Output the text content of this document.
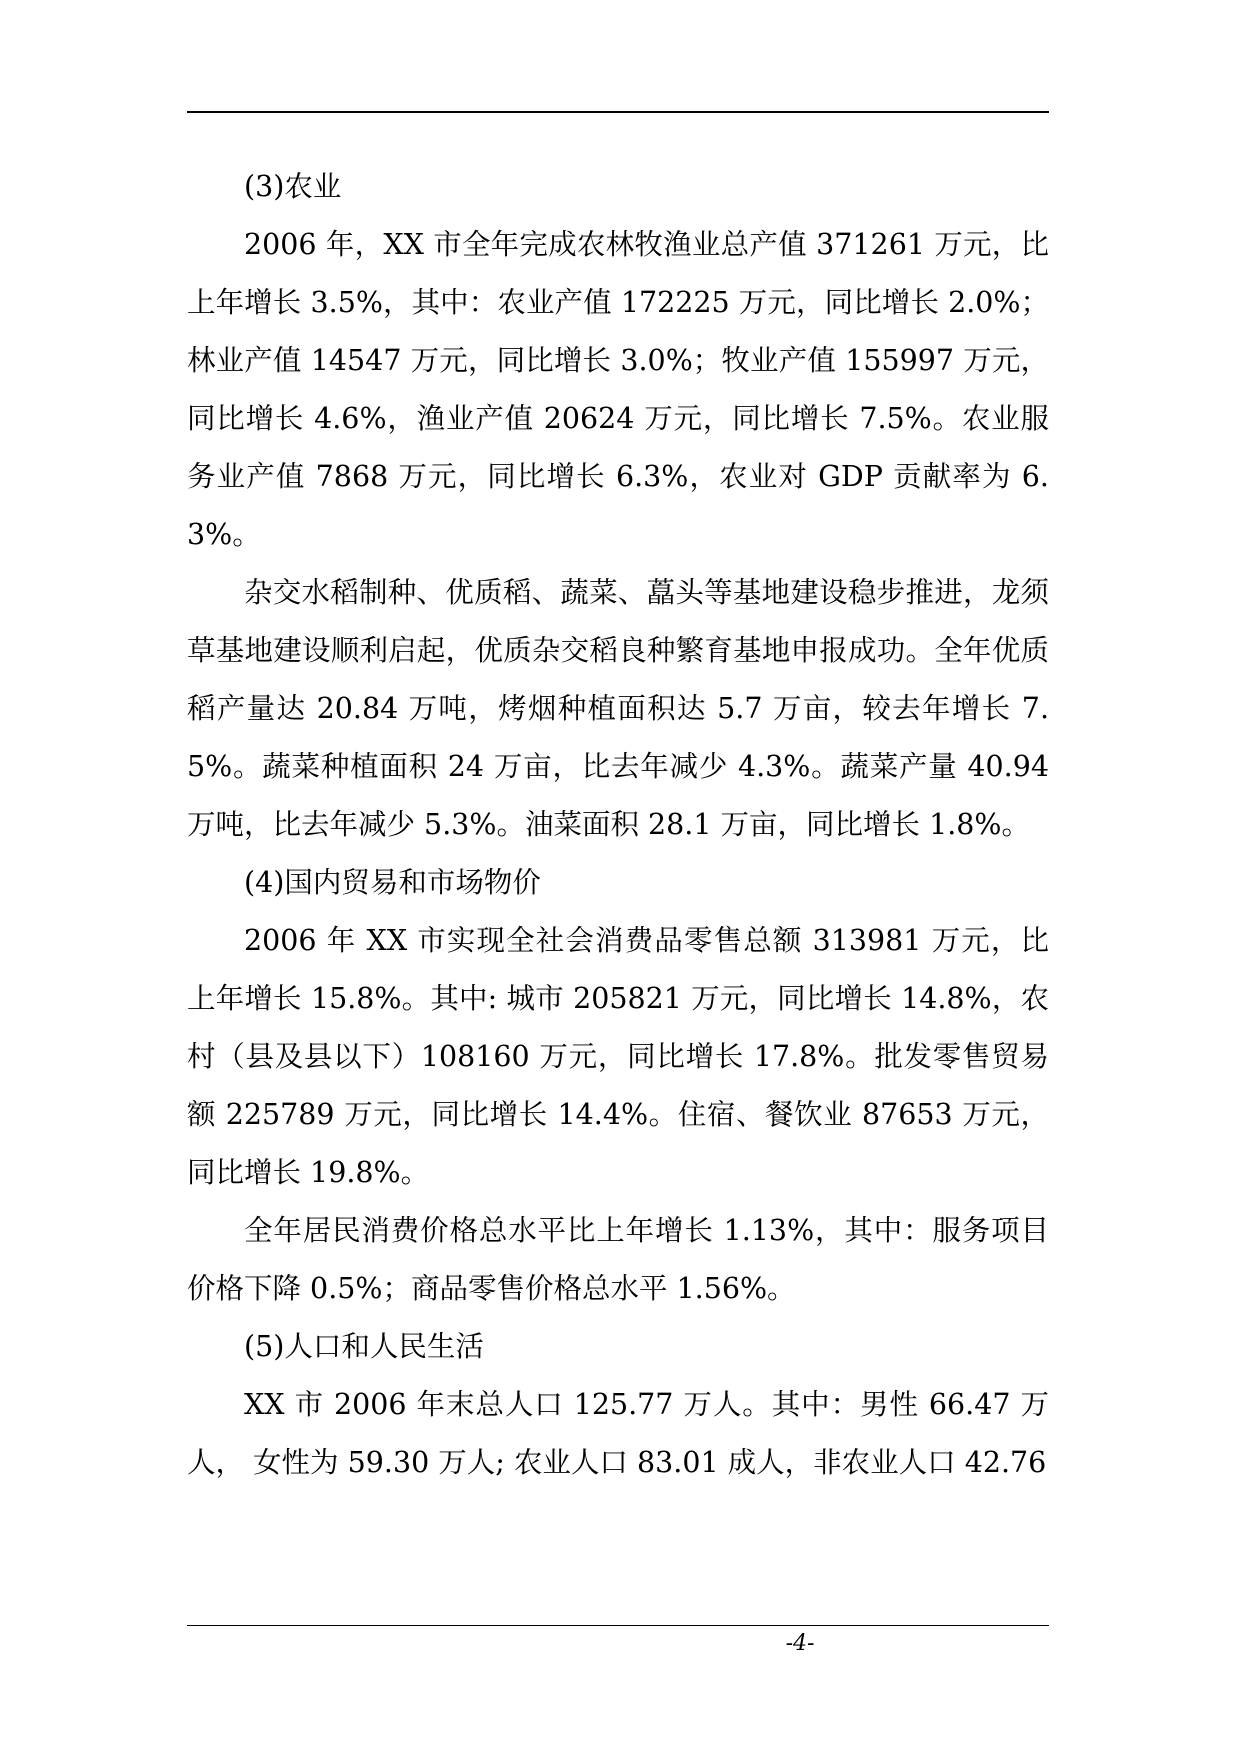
(3)农业

2006 年，XX 市全年完成农林牧渔业总产值 371261 万元，比上年增长 3.5%，其中：农业产值 172225 万元，同比增长 2.0%；林业产值 14547 万元，同比增长 3.0%；牧业产值 155997 万元，同比增长 4.6%，渔业产值 20624 万元，同比增长 7.5%。农业服务业产值 7868 万元，同比增长 6.3%，农业对 GDP 贡献率为 6.3%。

杂交水稻制种、优质稻、蔬菜、藠头等基地建设稳步推进，龙须草基地建设顺利启起，优质杂交稻良种繁育基地申报成功。全年优质稻产量达 20.84 万吨，烤烟种植面积达 5.7 万亩，较去年增长 7.5%。蔬菜种植面积 24 万亩，比去年减少 4.3%。蔬菜产量 40.94 万吨，比去年减少 5.3%。油菜面积 28.1 万亩，同比增长 1.8%。

(4)国内贸易和市场物价

2006 年 XX 市实现全社会消费品零售总额 313981 万元，比上年增长 15.8%。其中: 城市 205821 万元，同比增长 14.8%，农村（县及县以下）108160 万元，同比增长 17.8%。批发零售贸易额 225789 万元，同比增长 14.4%。住宿、餐饮业 87653 万元，同比增长 19.8%。

全年居民消费价格总水平比上年增长 1.13%，其中：服务项目价格下降 0.5%；商品零售价格总水平 1.56%。

(5)人口和人民生活

XX 市 2006 年末总人口 125.77 万人。其中：男性 66.47 万人， 女性为 59.30 万人; 农业人口 83.01 成人，非农业人口 42.76

-4-
